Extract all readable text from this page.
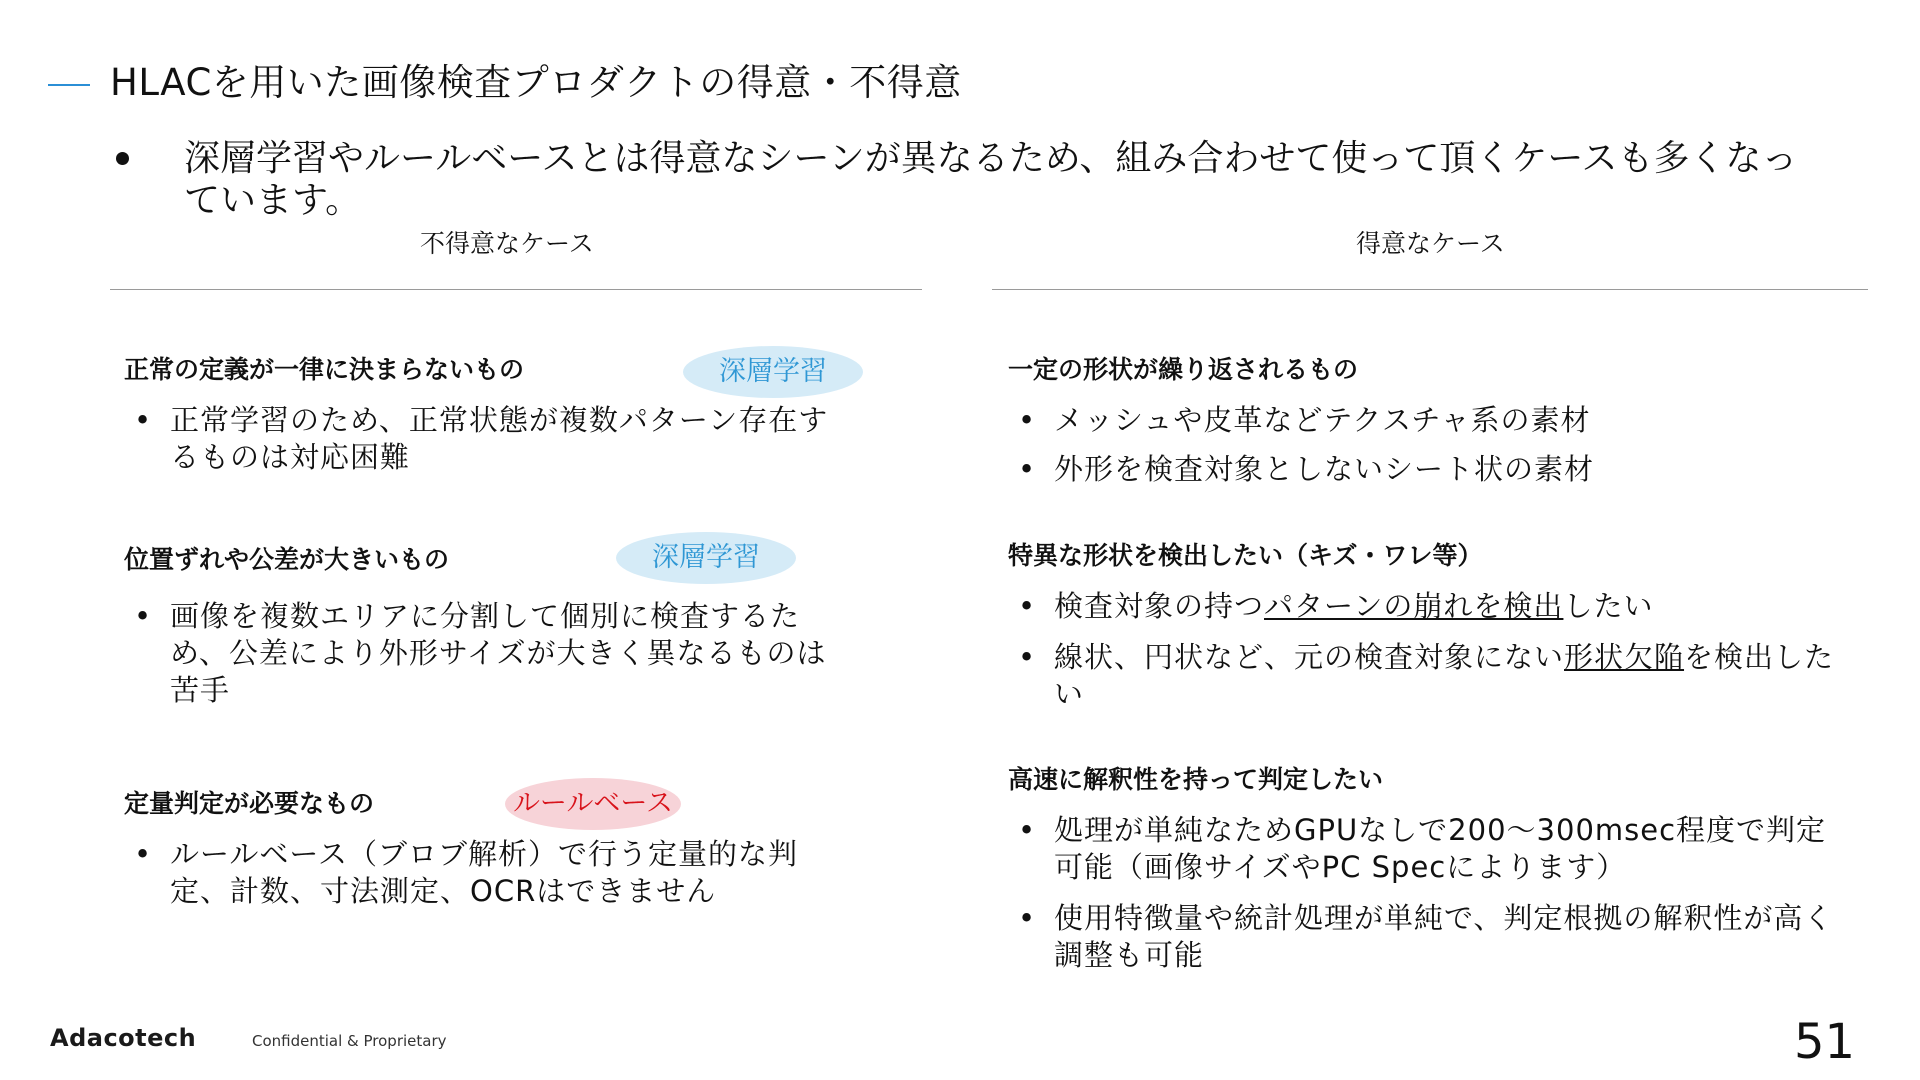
HLACを用いた画像検査プロダクトの得意・不得意
深層学習やルールベースとは得意なシーンが異なるため、組み合わせて使って頂くケースも多くなっています。
不得意なケース
正常の定義が一律に決まらないもの
• 正常学習のため、正常状態が複数パターン存在するものは対応困難
深層学習
位置ずれや公差が大きいもの
• 画像を複数エリアに分割して個別に検査するため、公差により外形サイズが大きく異なるものは苦手
深層学習
定量判定が必要なもの
• ルールベース（ブロブ解析）で行う定量的な判定、計数、寸法測定、OCRはできません
ルールベース
得意なケース
一定の形状が繰り返されるもの
• メッシュや皮革などテクスチャ系の素材
• 外形を検査対象としないシート状の素材
特異な形状を検出したい（キズ・ワレ等）
• 検査対象の持つパターンの崩れを検出したい
• 線状、円状など、元の検査対象にない形状欠陥を検出したい
高速に解釈性を持って判定したい
• 処理が単純なためGPUなしで200〜300msec程度で判定可能（画像サイズやPC Specによります）
• 使用特徴量や統計処理が単純で、判定根拠の解釈性が高く調整も可能
Adacotech	Confidential & Proprietary	51
